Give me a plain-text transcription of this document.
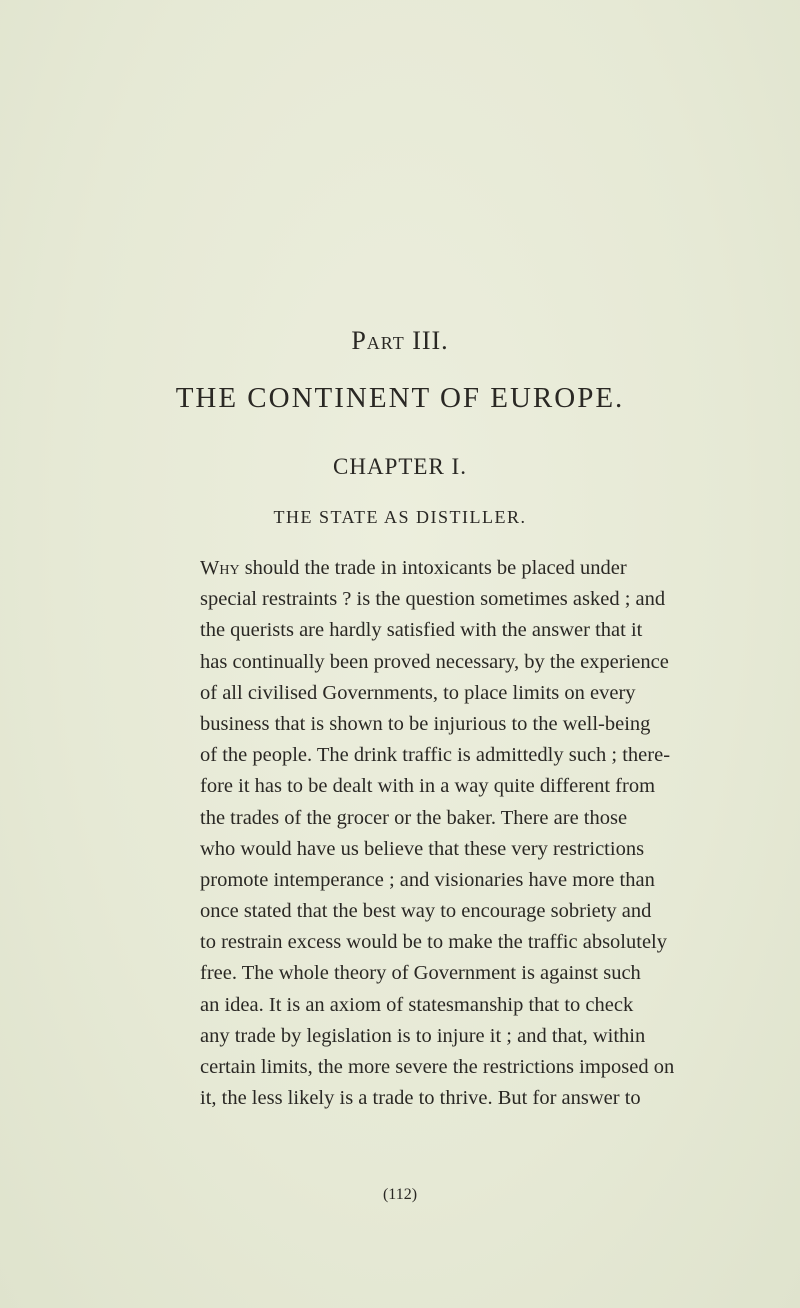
Part III.
THE CONTINENT OF EUROPE.
CHAPTER I.
THE STATE AS DISTILLER.
Why should the trade in intoxicants be placed under
special restraints ? is the question sometimes asked ; and
the querists are hardly satisfied with the answer that it
has continually been proved necessary, by the experience
of all civilised Governments, to place limits on every
business that is shown to be injurious to the well-being
of the people. The drink traffic is admittedly such ; there-
fore it has to be dealt with in a way quite different from
the trades of the grocer or the baker. There are those
who would have us believe that these very restrictions
promote intemperance ; and visionaries have more than
once stated that the best way to encourage sobriety and
to restrain excess would be to make the traffic absolutely
free. The whole theory of Government is against such
an idea. It is an axiom of statesmanship that to check
any trade by legislation is to injure it ; and that, within
certain limits, the more severe the restrictions imposed on
it, the less likely is a trade to thrive. But for answer to
(112)
